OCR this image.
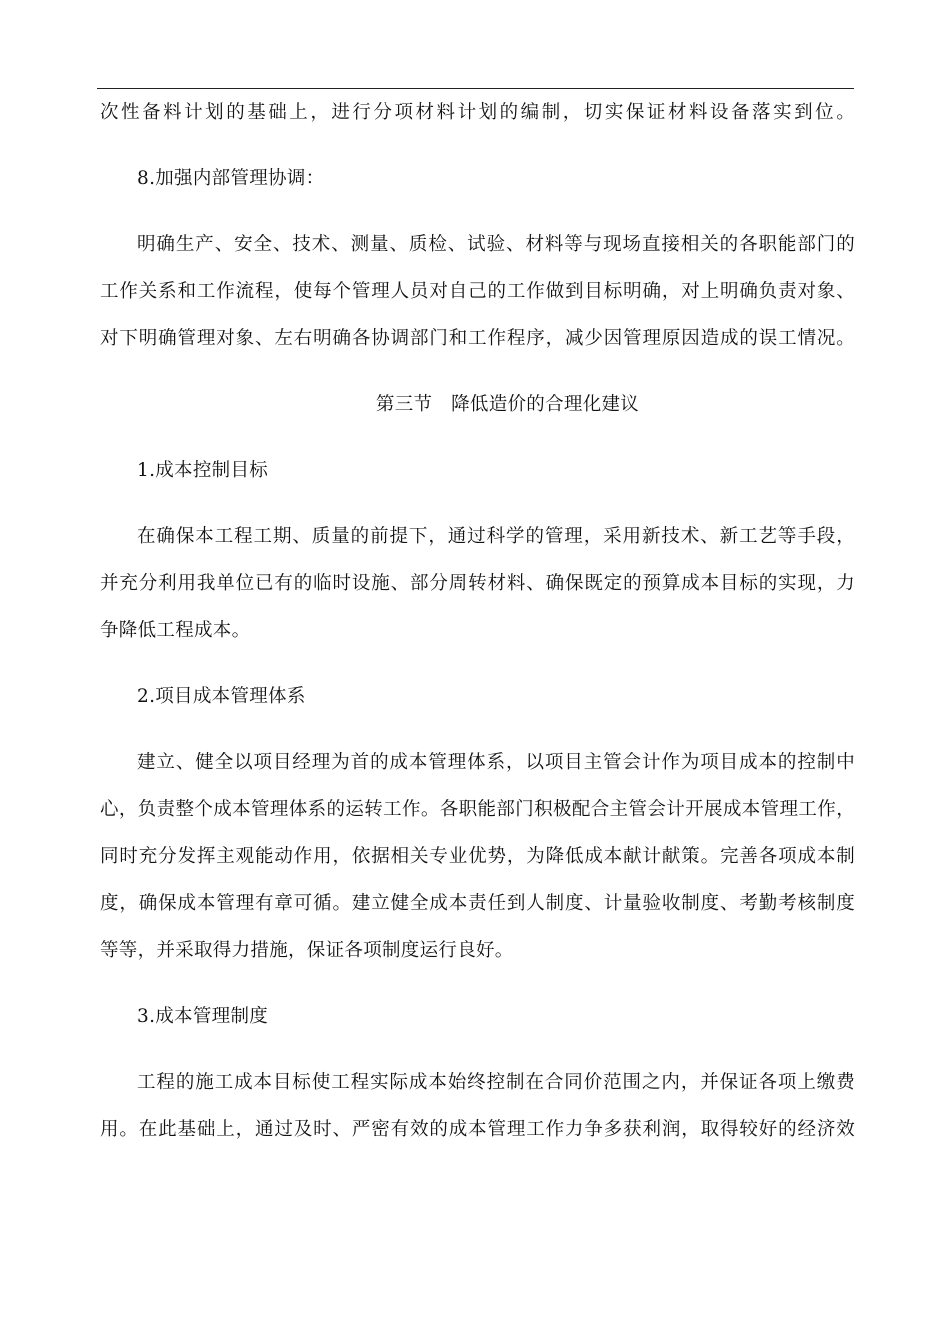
次性备料计划的基础上，进行分项材料计划的编制，切实保证材料设备落实到位。
8.加强内部管理协调：
明确生产、安全、技术、测量、质检、试验、材料等与现场直接相关的各职能部门的
工作关系和工作流程，使每个管理人员对自己的工作做到目标明确，对上明确负责对象、
对下明确管理对象、左右明确各协调部门和工作程序，减少因管理原因造成的误工情况。
第三节　降低造价的合理化建议
1.成本控制目标
在确保本工程工期、质量的前提下，通过科学的管理，采用新技术、新工艺等手段，
并充分利用我单位已有的临时设施、部分周转材料、确保既定的预算成本目标的实现，力
争降低工程成本。
2.项目成本管理体系
建立、健全以项目经理为首的成本管理体系，以项目主管会计作为项目成本的控制中
心，负责整个成本管理体系的运转工作。各职能部门积极配合主管会计开展成本管理工作，
同时充分发挥主观能动作用，依据相关专业优势，为降低成本献计献策。完善各项成本制
度，确保成本管理有章可循。建立健全成本责任到人制度、计量验收制度、考勤考核制度
等等，并采取得力措施，保证各项制度运行良好。
3.成本管理制度
工程的施工成本目标使工程实际成本始终控制在合同价范围之内，并保证各项上缴费
用。在此基础上，通过及时、严密有效的成本管理工作力争多获利润，取得较好的经济效
